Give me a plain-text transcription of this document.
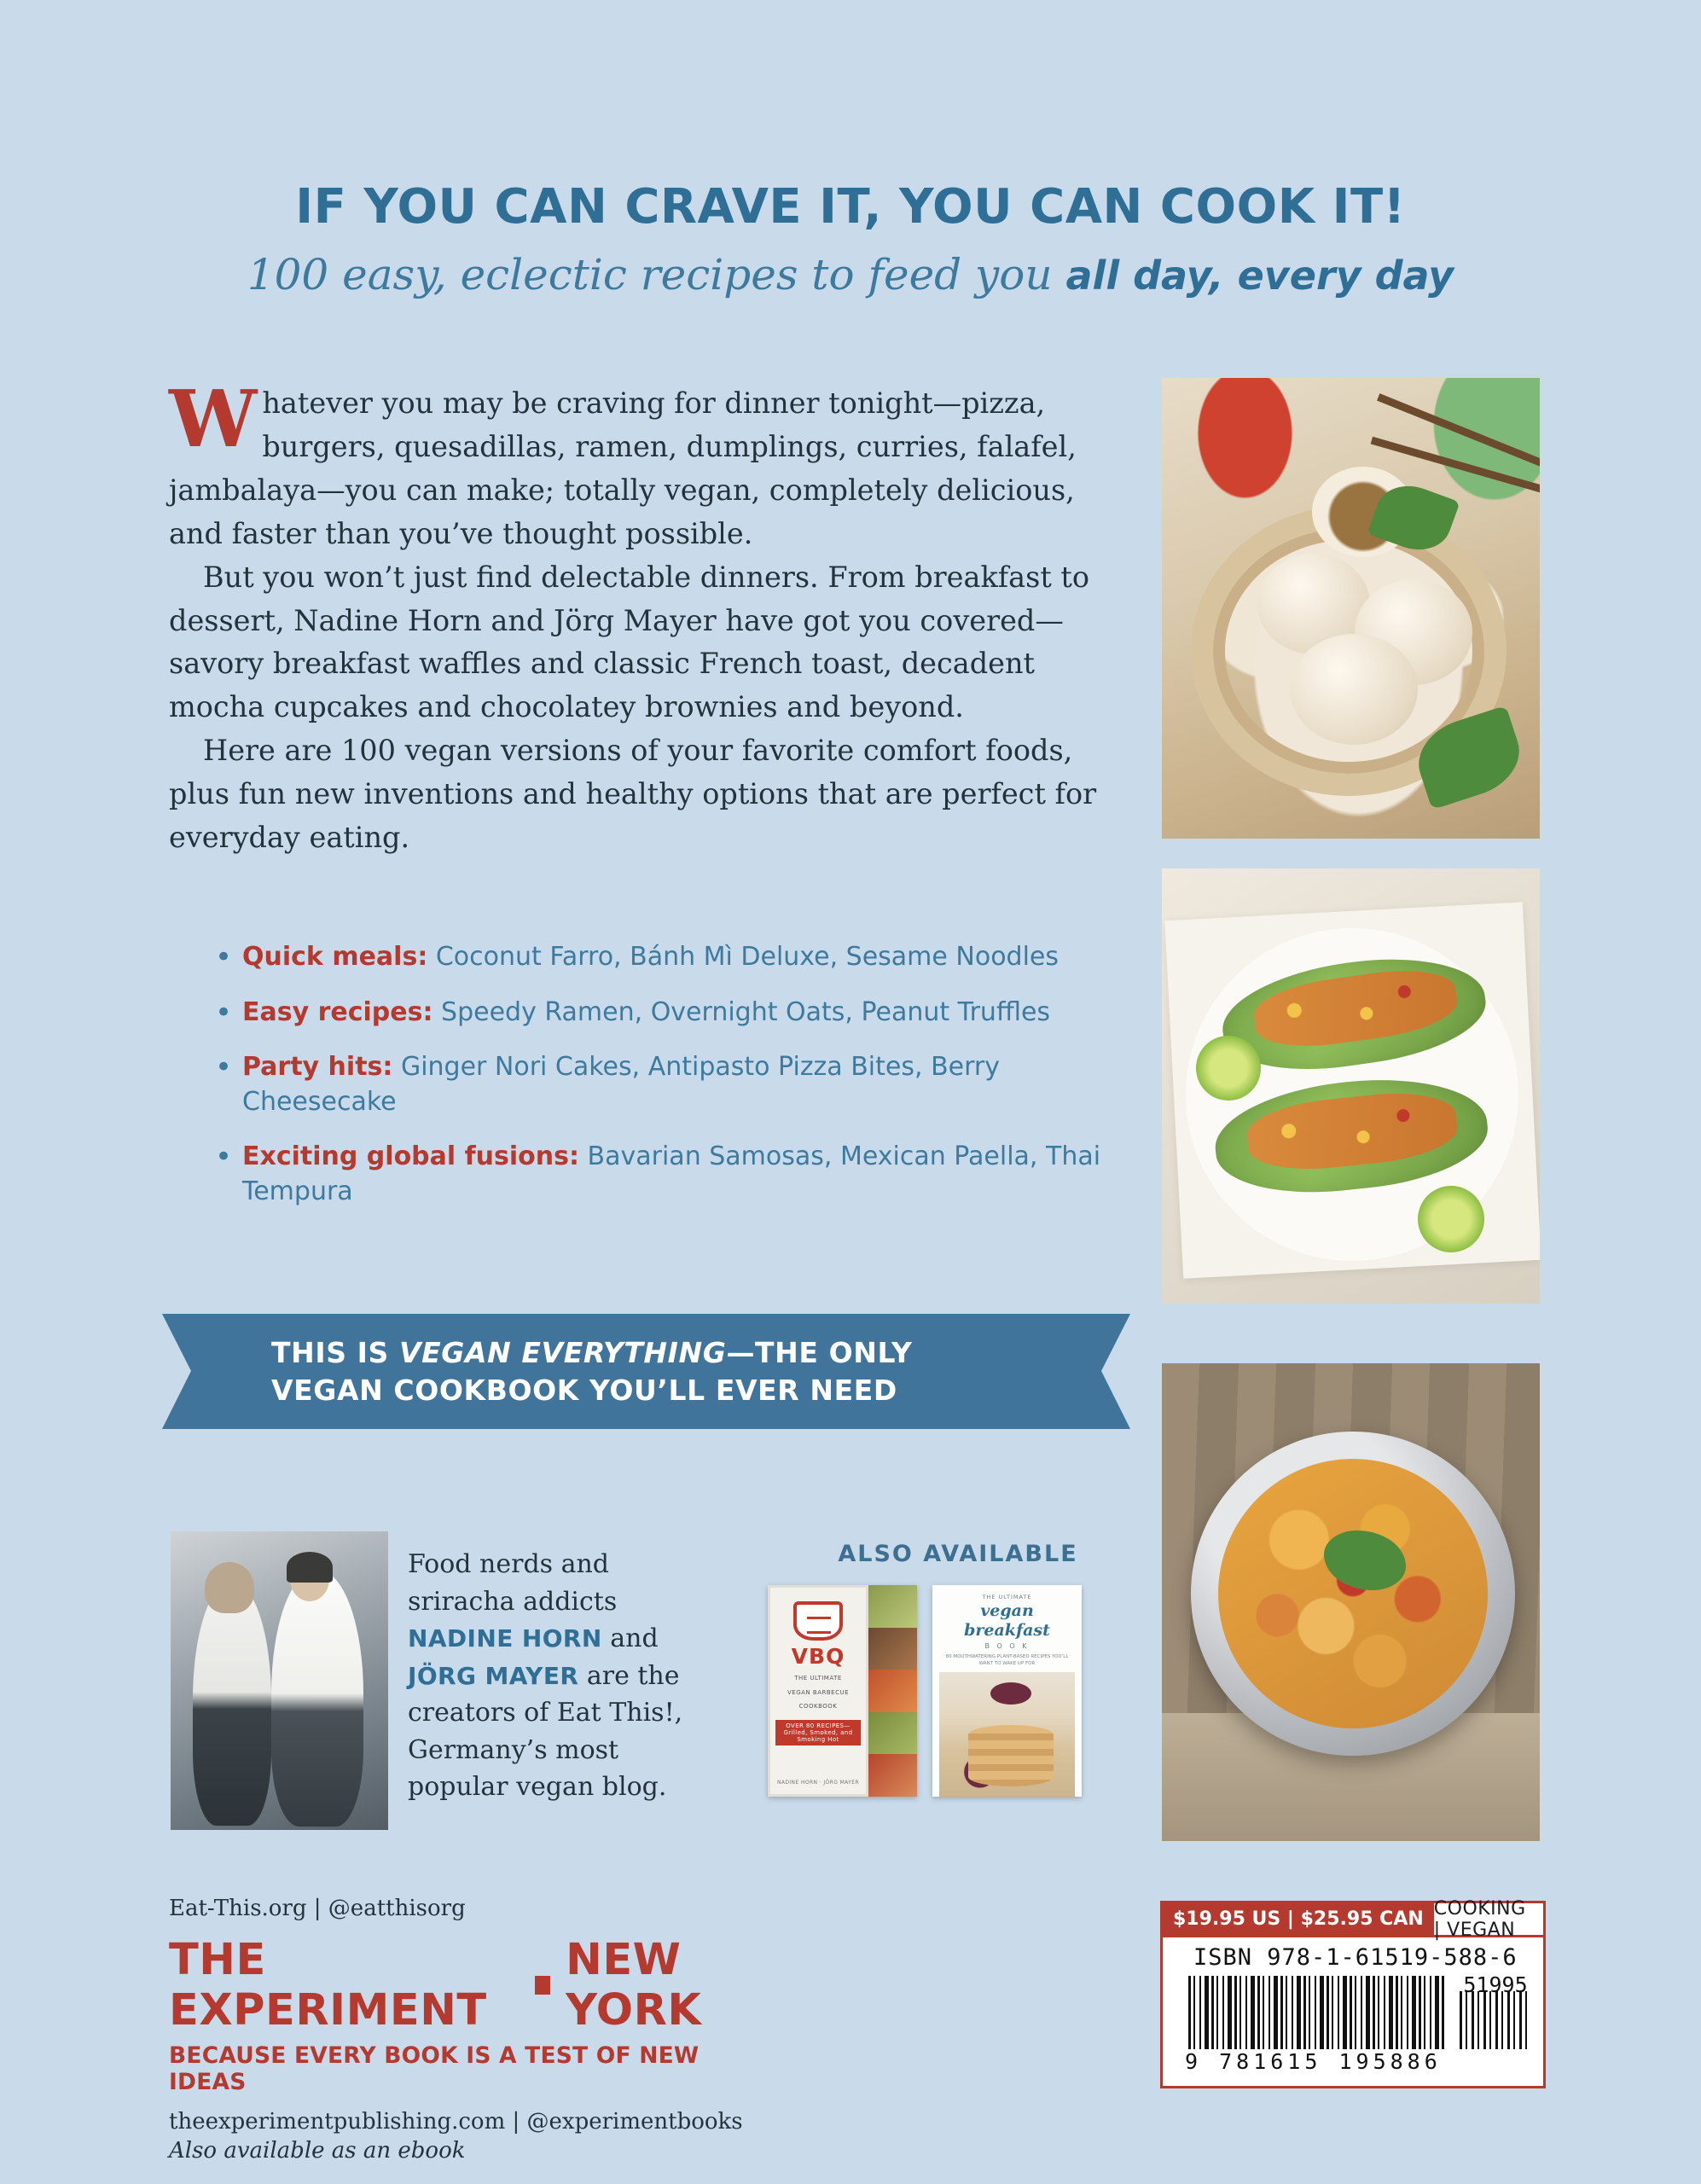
IF YOU CAN CRAVE IT, YOU CAN COOK IT!
100 easy, eclectic recipes to feed you all day, every day

Whatever you may be craving for dinner tonight—pizza, burgers, quesadillas, ramen, dumplings, curries, falafel, jambalaya—you can make; totally vegan, completely delicious, and faster than you’ve thought possible.

But you won’t just find delectable dinners. From breakfast to dessert, Nadine Horn and Jörg Mayer have got you covered—savory breakfast waffles and classic French toast, decadent mocha cupcakes and chocolatey brownies and beyond.

Here are 100 vegan versions of your favorite comfort foods, plus fun new inventions and healthy options that are perfect for everyday eating.

• Quick meals: Coconut Farro, Bánh Mì Deluxe, Sesame Noodles
• Easy recipes: Speedy Ramen, Overnight Oats, Peanut Truffles
• Party hits: Ginger Nori Cakes, Antipasto Pizza Bites, Berry Cheesecake
• Exciting global fusions: Bavarian Samosas, Mexican Paella, Thai Tempura
THIS IS VEGAN EVERYTHING—THE ONLY
VEGAN COOKBOOK YOU’LL EVER NEED
Food nerds and sriracha addicts NADINE HORN and JÖRG MAYER are the creators of Eat This!, Germany’s most popular vegan blog.
ALSO AVAILABLE
VBQ
THE ULTIMATE
VEGAN BARBECUE
COOKBOOK
OVER 80 RECIPES—Grilled, Smoked, and Smoking Hot
NADINE HORN · JÖRG MAYER
THE ULTIMATE
vegan
breakfast
B O O K
80 MOUTHWATERING PLANT-BASED RECIPES YOU’LL WANT TO WAKE UP FOR
Eat-This.org | @eatthisorg
THE EXPERIMENT
NEW YORK
BECAUSE EVERY BOOK IS A TEST OF NEW IDEAS
theexperimentpublishing.com | @experimentbooks
Also available as an ebook
$19.95 US | $25.95 CAN COOKING | VEGAN
ISBN 978-1-61519-588-6
51995
9 781615 195886
